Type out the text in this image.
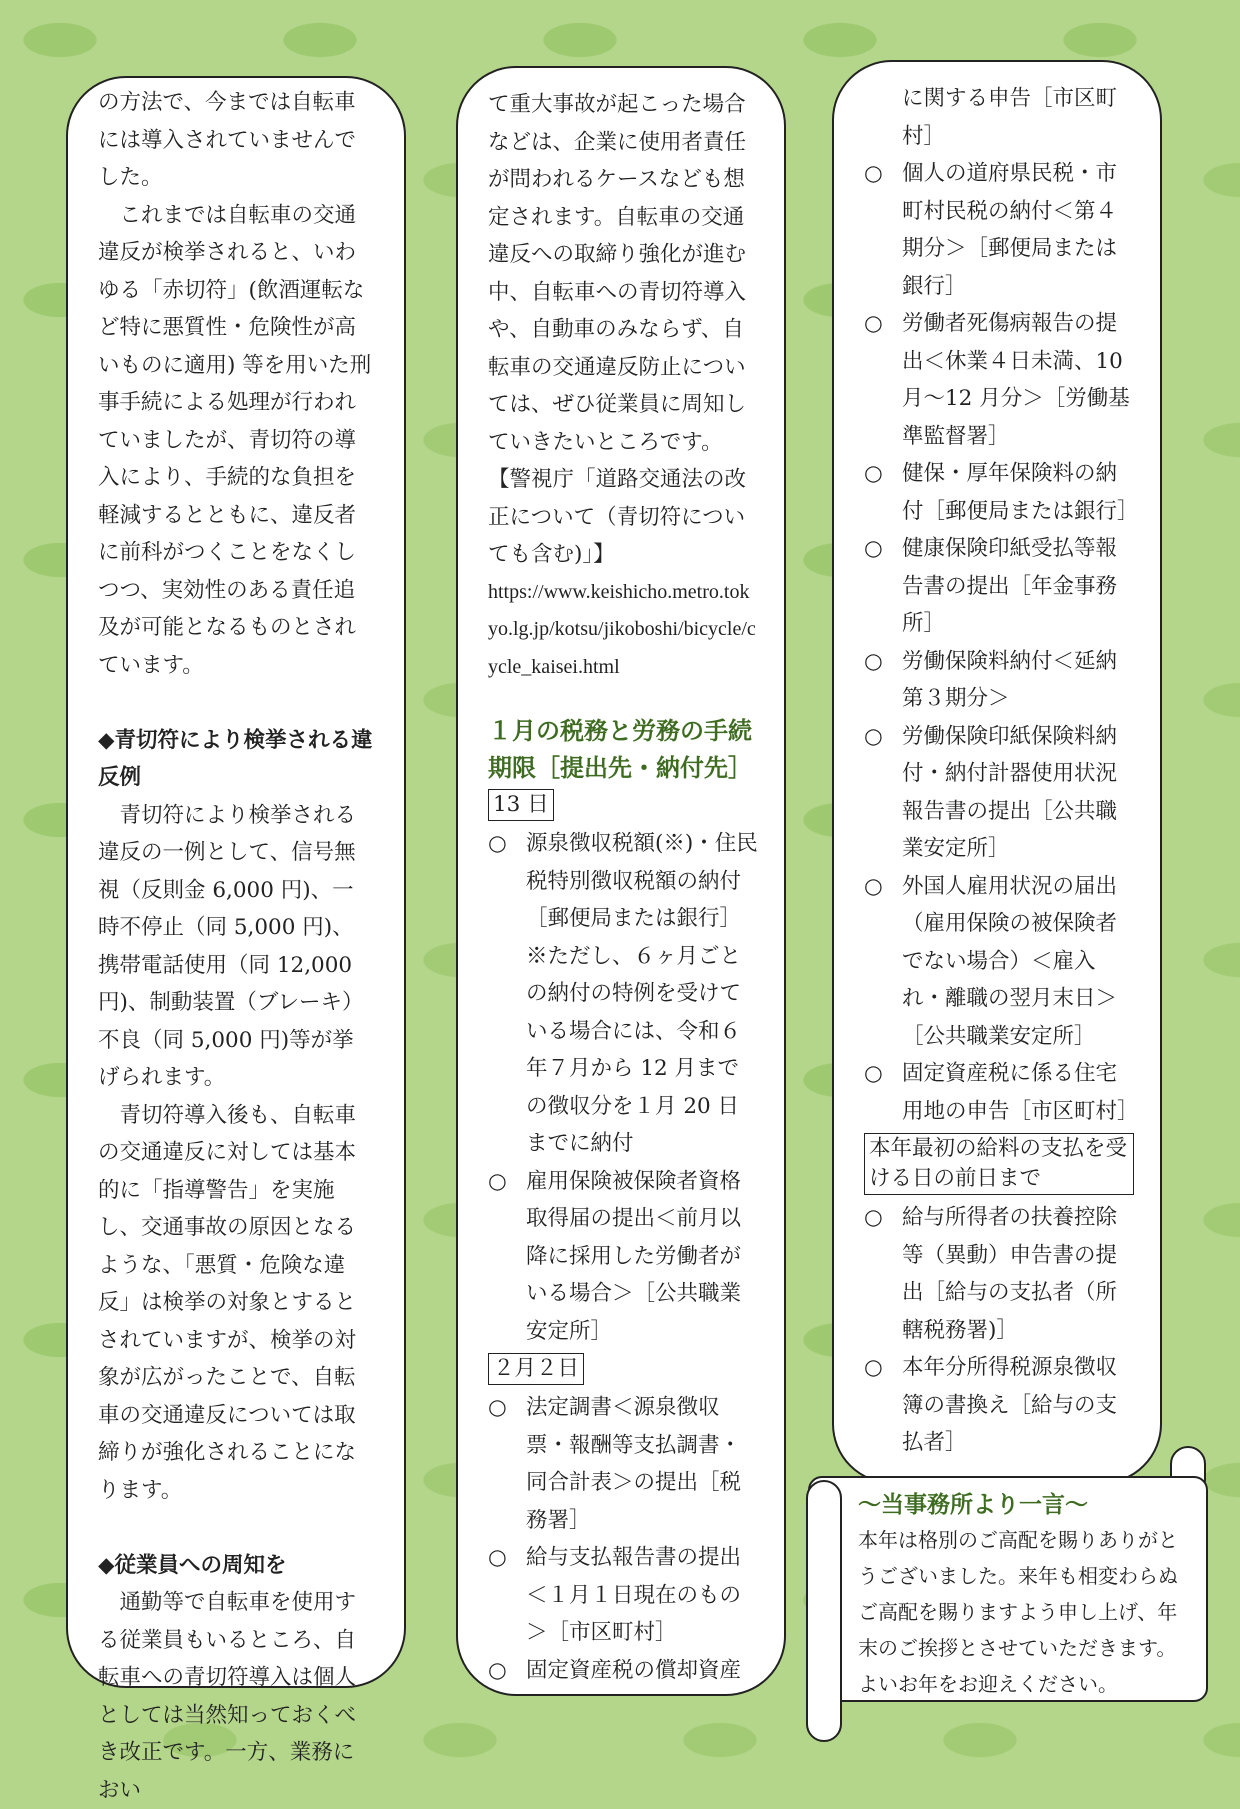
の方法で、今までは自転車には導入されていませんでした。

これまでは自転車の交通違反が検挙されると、いわゆる「赤切符」(飲酒運転など特に悪質性・危険性が高いものに適用) 等を用いた刑事手続による処理が行われていましたが、青切符の導入により、手続的な負担を軽減するとともに、違反者に前科がつくことをなくしつつ、実効性のある責任追及が可能となるものとされています。

◆青切符により検挙される違反例

青切符により検挙される違反の一例として、信号無視（反則金 6,000 円)、一時不停止（同 5,000 円)、携帯電話使用（同 12,000 円)、制動装置（ブレーキ）不良（同 5,000 円)等が挙げられます。

青切符導入後も、自転車の交通違反に対しては基本的に「指導警告」を実施し、交通事故の原因となるような、「悪質・危険な違反」は検挙の対象とするとされていますが、検挙の対象が広がったことで、自転車の交通違反については取締りが強化されることになります。

◆従業員への周知を

通勤等で自転車を使用する従業員もいるところ、自転車への青切符導入は個人としては当然知っておくべき改正です。一方、業務におい

て重大事故が起こった場合などは、企業に使用者責任が問われるケースなども想定されます。自転車の交通違反への取締り強化が進む中、自転車への青切符導入や、自動車のみならず、自転車の交通違反防止については、ぜひ従業員に周知していきたいところです。

【警視庁「道路交通法の改正について（青切符についても含む)」】

https://www.keishicho.metro.tokyo.lg.jp/kotsu/jikoboshi/bicycle/cycle_kaisei.html

１月の税務と労務の手続期限［提出先・納付先］

13 日
○ 源泉徴収税額(※)・住民税特別徴収税額の納付［郵便局または銀行］※ただし、６ヶ月ごとの納付の特例を受けている場合には、令和６年７月から 12 月までの徴収分を１月 20 日までに納付
○ 雇用保険被保険者資格取得届の提出＜前月以降に採用した労働者がいる場合＞［公共職業安定所］
２月２日
○ 法定調書＜源泉徴収票・報酬等支払調書・同合計表＞の提出［税務署］
○ 給与支払報告書の提出＜１月１日現在のもの＞［市区町村］
○ 固定資産税の償却資産
に関する申告［市区町村］
○ 個人の道府県民税・市町村民税の納付＜第４期分＞［郵便局または銀行］
○ 労働者死傷病報告の提出＜休業４日未満、10 月～12 月分＞［労働基準監督署］
○ 健保・厚年保険料の納付［郵便局または銀行］
○ 健康保険印紙受払等報告書の提出［年金事務所］
○ 労働保険料納付＜延納第３期分＞
○ 労働保険印紙保険料納付・納付計器使用状況報告書の提出［公共職業安定所］
○ 外国人雇用状況の届出（雇用保険の被保険者でない場合）＜雇入れ・離職の翌月末日＞［公共職業安定所］
○ 固定資産税に係る住宅用地の申告［市区町村］
本年最初の給料の支払を受ける日の前日まで
○ 給与所得者の扶養控除等（異動）申告書の提出［給与の支払者（所轄税務署)］
○ 本年分所得税源泉徴収簿の書換え［給与の支払者］

～当事務所より一言～

本年は格別のご高配を賜りありがとうございました。来年も相変わらぬご高配を賜りますよう申し上げ、年末のご挨拶とさせていただきます。よいお年をお迎えください。
